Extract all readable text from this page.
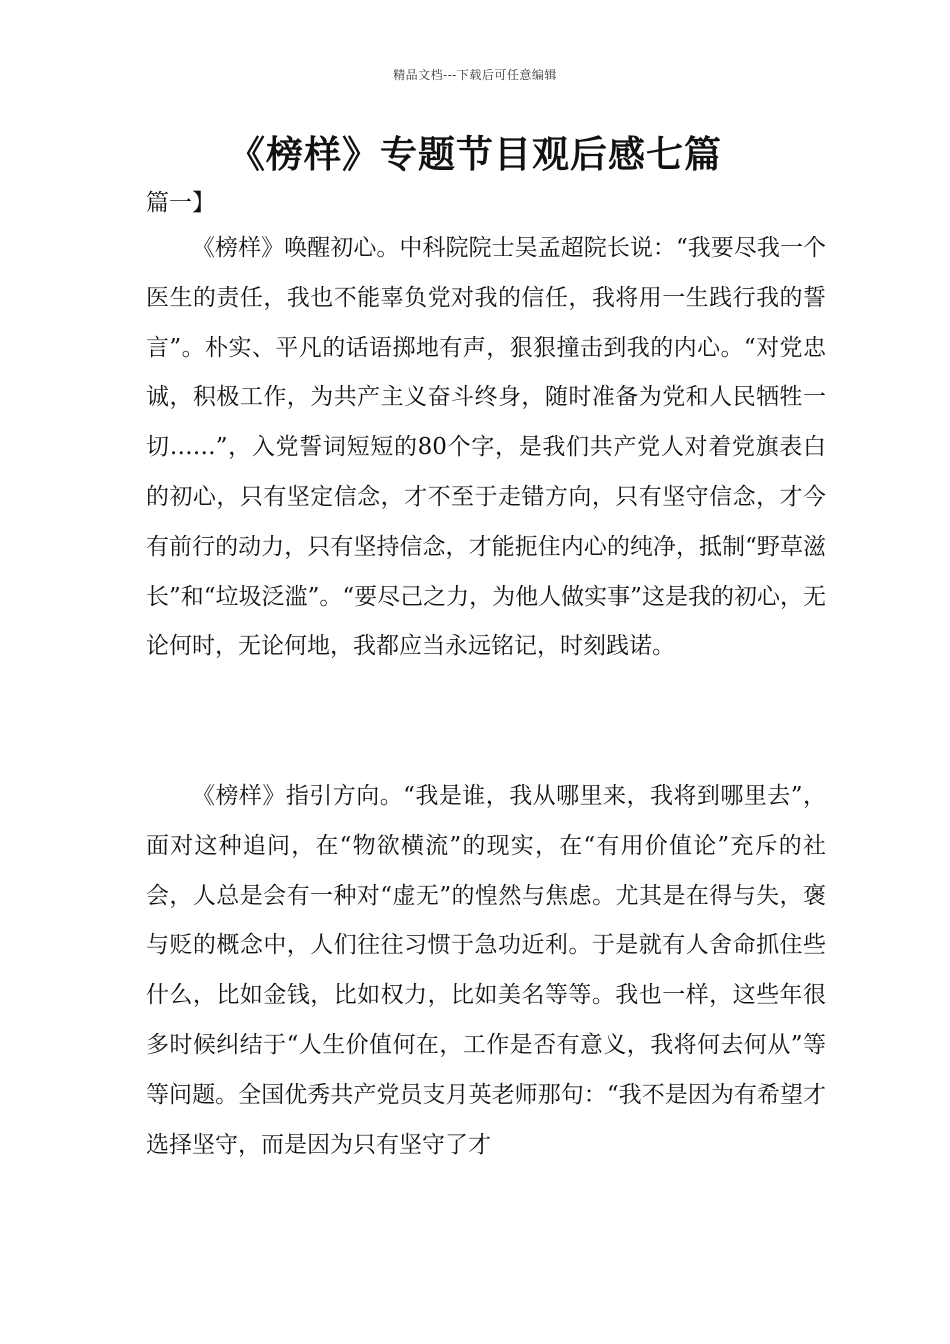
精品文档---下载后可任意编辑
《榜样》专题节目观后感七篇
篇一】

《榜样》唤醒初心。中科院院士吴孟超院长说：“我要尽我一个医生的责任，我也不能辜负党对我的信任，我将用一生践行我的誓言”。朴实、平凡的话语掷地有声，狠狠撞击到我的内心。“对党忠诚，积极工作，为共产主义奋斗终身，随时准备为党和人民牺牲一切……”，入党誓词短短的80个字，是我们共产党人对着党旗表白的初心，只有坚定信念，才不至于走错方向，只有坚守信念，才今有前行的动力，只有坚持信念，才能扼住内心的纯净，抵制“野草滋长”和“垃圾泛滥”。“要尽己之力，为他人做实事”这是我的初心，无论何时，无论何地，我都应当永远铭记，时刻践诺。

《榜样》指引方向。“我是谁，我从哪里来，我将到哪里去”，面对这种追问，在“物欲横流”的现实，在“有用价值论”充斥的社会，人总是会有一种对“虚无”的惶然与焦虑。尤其是在得与失，褒与贬的概念中，人们往往习惯于急功近利。于是就有人舍命抓住些什么，比如金钱，比如权力，比如美名等等。我也一样，这些年很多时候纠结于“人生价值何在，工作是否有意义，我将何去何从”等等问题。全国优秀共产党员支月英老师那句：“我不是因为有希望才选择坚守，而是因为只有坚守了才
